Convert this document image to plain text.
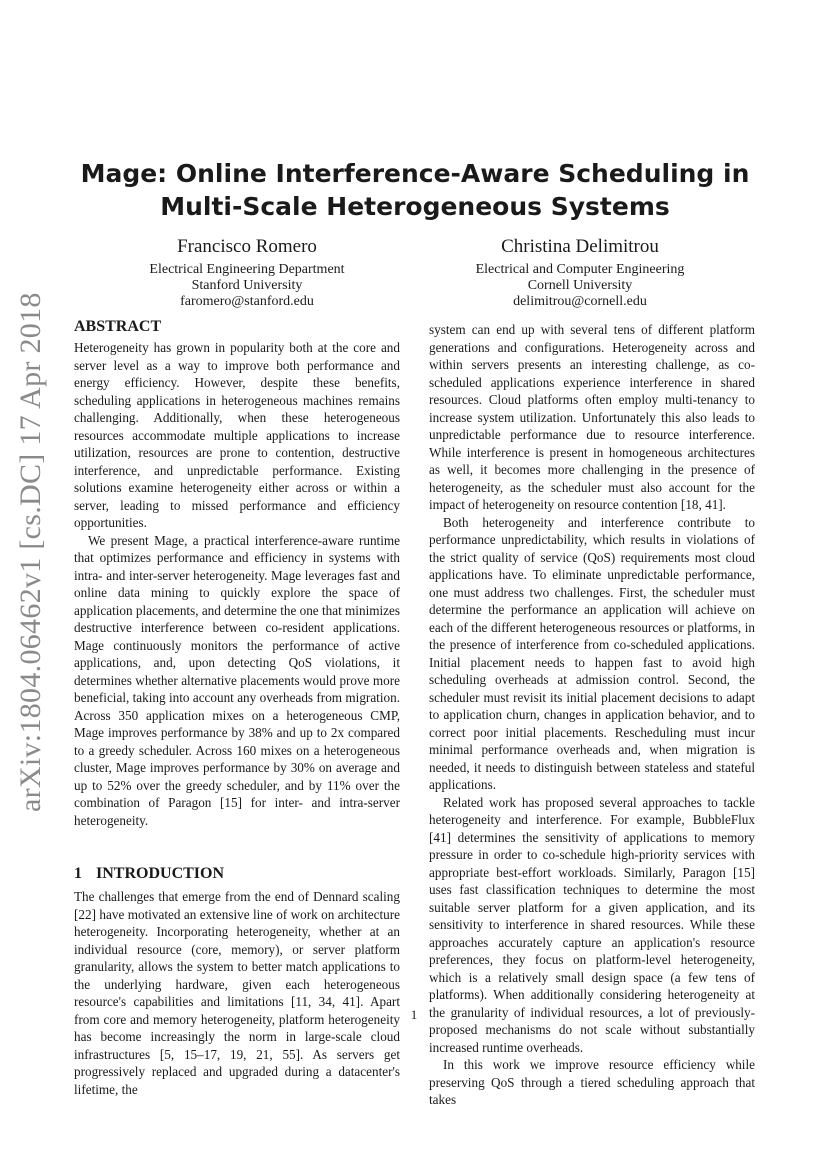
arXiv:1804.06462v1 [cs.DC] 17 Apr 2018
Mage: Online Interference-Aware Scheduling in
Multi-Scale Heterogeneous Systems
Francisco Romero
Electrical Engineering Department
Stanford University
faromero@stanford.edu
Christina Delimitrou
Electrical and Computer Engineering
Cornell University
delimitrou@cornell.edu
ABSTRACT

Heterogeneity has grown in popularity both at the core and server level as a way to improve both performance and energy efficiency. However, despite these benefits, scheduling applications in heterogeneous machines remains challenging. Additionally, when these heterogeneous resources accommodate multiple applications to increase utilization, resources are prone to contention, destructive interference, and unpredictable performance. Existing solutions examine heterogeneity either across or within a server, leading to missed performance and efficiency opportunities.

We present Mage, a practical interference-aware runtime that optimizes performance and efficiency in systems with intra- and inter-server heterogeneity. Mage leverages fast and online data mining to quickly explore the space of application placements, and determine the one that minimizes destructive interference between co-resident applications. Mage continuously monitors the performance of active applications, and, upon detecting QoS violations, it determines whether alternative placements would prove more beneficial, taking into account any overheads from migration. Across 350 application mixes on a heterogeneous CMP, Mage improves performance by 38% and up to 2x compared to a greedy scheduler. Across 160 mixes on a heterogeneous cluster, Mage improves performance by 30% on average and up to 52% over the greedy scheduler, and by 11% over the combination of Paragon [15] for inter- and intra-server heterogeneity.

1 INTRODUCTION

The challenges that emerge from the end of Dennard scaling [22] have motivated an extensive line of work on architecture heterogeneity. Incorporating heterogeneity, whether at an individual resource (core, memory), or server platform granularity, allows the system to better match applications to the underlying hardware, given each heterogeneous resource's capabilities and limitations [11, 34, 41]. Apart from core and memory heterogeneity, platform heterogeneity has become increasingly the norm in large-scale cloud infrastructures [5, 15–17, 19, 21, 55]. As servers get progressively replaced and upgraded during a datacenter's lifetime, the

system can end up with several tens of different platform generations and configurations. Heterogeneity across and within servers presents an interesting challenge, as co-scheduled applications experience interference in shared resources. Cloud platforms often employ multi-tenancy to increase system utilization. Unfortunately this also leads to unpredictable performance due to resource interference. While interference is present in homogeneous architectures as well, it becomes more challenging in the presence of heterogeneity, as the scheduler must also account for the impact of heterogeneity on resource contention [18, 41].

Both heterogeneity and interference contribute to performance unpredictability, which results in violations of the strict quality of service (QoS) requirements most cloud applications have. To eliminate unpredictable performance, one must address two challenges. First, the scheduler must determine the performance an application will achieve on each of the different heterogeneous resources or platforms, in the presence of interference from co-scheduled applications. Initial placement needs to happen fast to avoid high scheduling overheads at admission control. Second, the scheduler must revisit its initial placement decisions to adapt to application churn, changes in application behavior, and to correct poor initial placements. Rescheduling must incur minimal performance overheads and, when migration is needed, it needs to distinguish between stateless and stateful applications.

Related work has proposed several approaches to tackle heterogeneity and interference. For example, BubbleFlux [41] determines the sensitivity of applications to memory pressure in order to co-schedule high-priority services with appropriate best-effort workloads. Similarly, Paragon [15] uses fast classification techniques to determine the most suitable server platform for a given application, and its sensitivity to interference in shared resources. While these approaches accurately capture an application's resource preferences, they focus on platform-level heterogeneity, which is a relatively small design space (a few tens of platforms). When additionally considering heterogeneity at the granularity of individual resources, a lot of previously-proposed mechanisms do not scale without substantially increased runtime overheads.

In this work we improve resource efficiency while preserving QoS through a tiered scheduling approach that takes

1
